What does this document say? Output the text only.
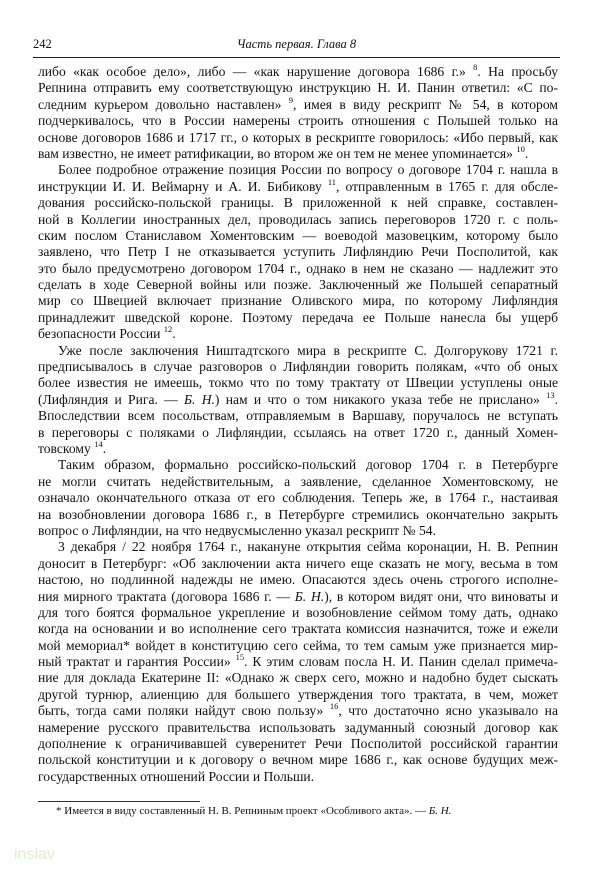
242	Часть первая. Глава 8
либо «как особое дело», либо — «как нарушение договора 1686 г.» $^8$. На просьбу
Репнина отправить ему соответствующую инструкцию Н. И. Панин ответил: «С по-
следним курьером довольно наставлен» $^9$, имея в виду рескрипт № 54, в котором
подчеркивалось, что в России намерены строить отношения с Польшей только на
основе договоров 1686 и 1717 гг., о которых в рескрипте говорилось: «Ибо первый, как
вам известно, не имеет ратификации, во втором же он тем не менее упоминается» $^{10}$.
Более подробное отражение позиция России по вопросу о договоре 1704 г. нашла в
инструкции И. И. Веймарну и А. И. Бибикову $^{11}$, отправленным в 1765 г. для обсле-
дования российско-польской границы. В приложенной к ней справке, составлен-
ной в Коллегии иностранных дел, проводилась запись переговоров 1720 г. с поль-
ским послом Станиславом Хоментовским — воеводой мазовецким, которому было
заявлено, что Петр I не отказывается уступить Лифляндию Речи Посполитой, как
это было предусмотрено договором 1704 г., однако в нем не сказано — надлежит это
сделать в ходе Северной войны или позже. Заключенный же Польшей сепаратный
мир со Швецией включает признание Оливского мира, по которому Лифляндия
принадлежит шведской короне. Поэтому передача ее Польше нанесла бы ущерб
безопасности России $^{12}$.
Уже после заключения Ништадтского мира в рескрипте С. Долгорукову 1721 г.
предписывалось в случае разговоров о Лифляндии говорить полякам, «что об оных
более известия не имеешь, токмо что по тому трактату от Швеции уступлены оные
(Лифляндия и Рига. — Б. Н.) нам и что о том никакого указа тебе не прислано» $^{13}$.
Впоследствии всем посольствам, отправляемым в Варшаву, поручалось не вступать
в переговоры с поляками о Лифляндии, ссылаясь на ответ 1720 г., данный Хомен-
товскому $^{14}$.
Таким образом, формально российско-польский договор 1704 г. в Петербурге
не могли считать недействительным, а заявление, сделанное Хоментовскому, не
означало окончательного отказа от его соблюдения. Теперь же, в 1764 г., настаивая
на возобновлении договора 1686 г., в Петербурге стремились окончательно закрыть
вопрос о Лифляндии, на что недвусмысленно указал рескрипт № 54.
3 декабря / 22 ноября 1764 г., накануне открытия сейма коронации, Н. В. Репнин
доносит в Петербург: «Об заключении акта ничего еще сказать не могу, весьма в том
настою, но подлинной надежды не имею. Опасаются здесь очень строгого исполне-
ния мирного трактата (договора 1686 г. — Б. Н.), в котором видят они, что виноваты и
для того боятся формальное укрепление и возобновление сеймом тому дать, однако
когда на основании и во исполнение сего трактата комиссия назначится, тоже и ежели
мой мемориал* войдет в конституцию сего сейма, то тем самым уже признается мир-
ный трактат и гарантия России» $^{15}$. К этим словам посла Н. И. Панин сделал примеча-
ние для доклада Екатерине II: «Однако ж сверх сего, можно и надобно будет сыскать
другой турнюр, алиенцию для большего утверждения того трактата, в чем, может
быть, тогда сами поляки найдут свою пользу» $^{16}$, что достаточно ясно указывало на
намерение русского правительства использовать задуманный союзный договор как
дополнение к ограничивавшей суверенитет Речи Посполитой российской гарантии
польской конституции и к договору о вечном мире 1686 г., как основе будущих меж-
государственных отношений России и Польши.
* Имеется в виду составленный Н. В. Репниным проект «Особливого акта». — Б. Н.
inslav
